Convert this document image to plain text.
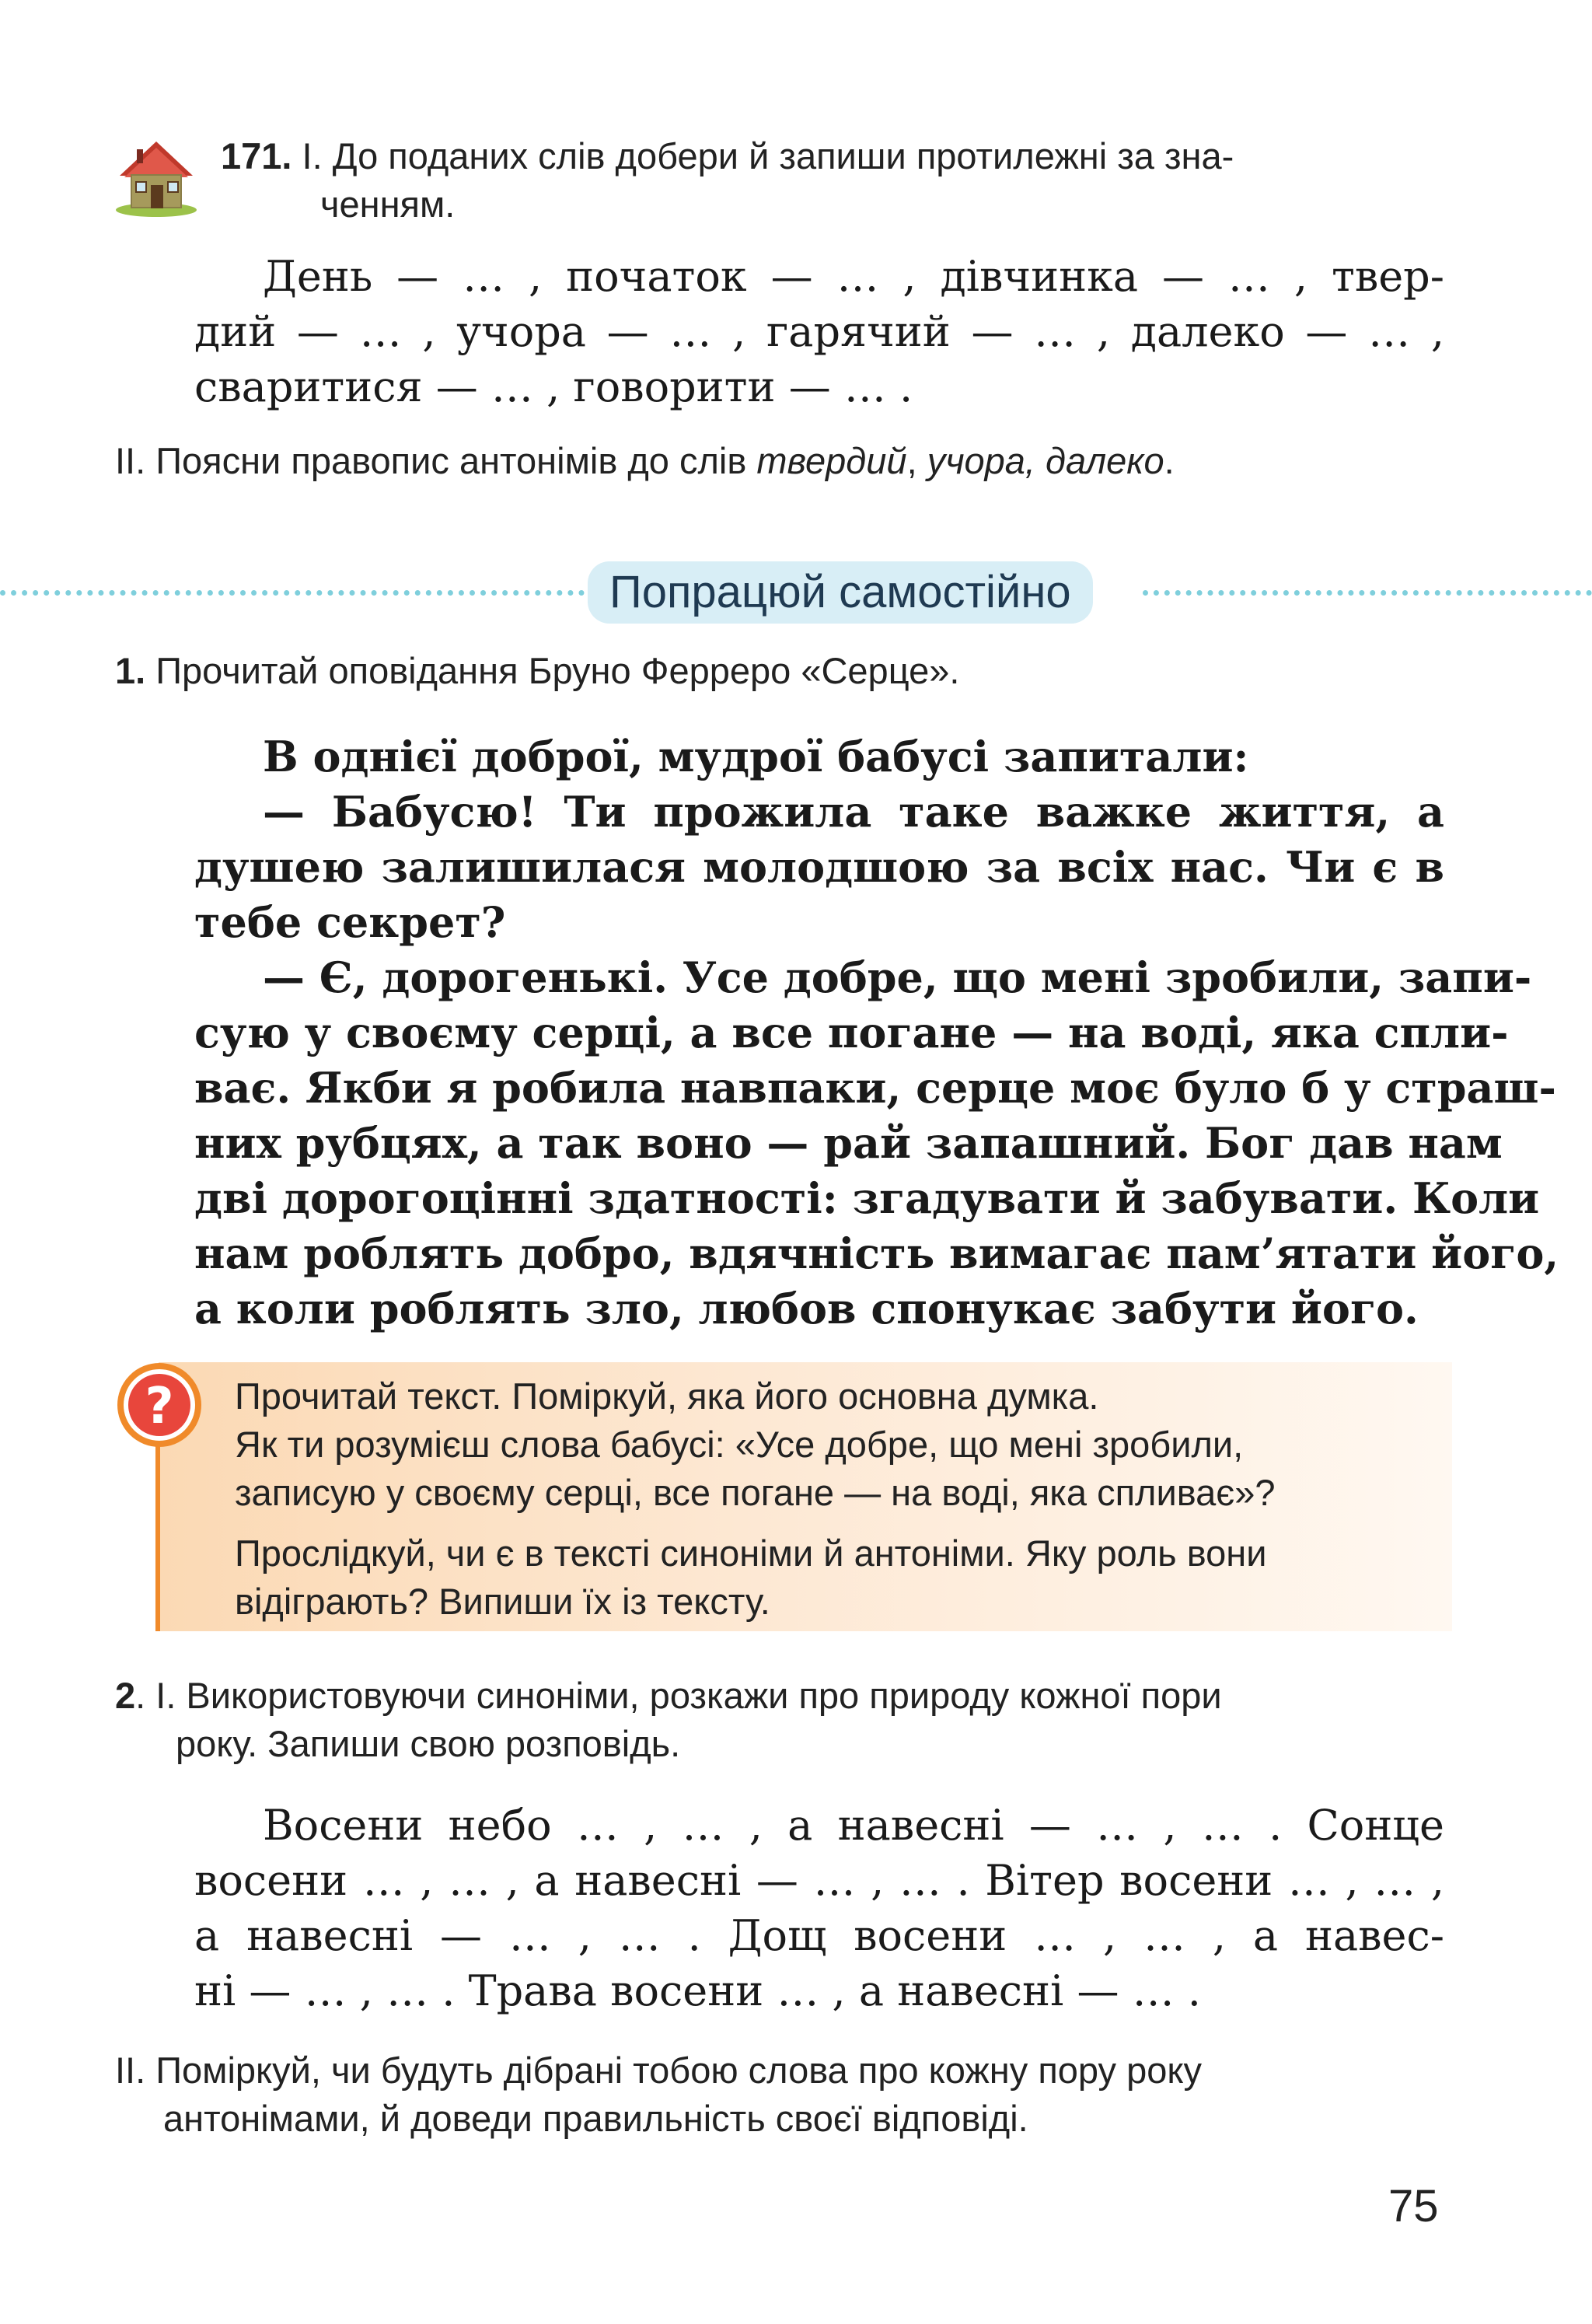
171. І. До поданих слів добери й запиши протилежні за зна-
ченням.
День — … , початок — … , дівчинка — … , твер-
дий — … , учора — … , гарячий — … , далеко — … ,
сваритися — … , говорити — … .
ІІ. Поясни правопис антонімів до слів твердий, учора, далеко.
Попрацюй самостійно
1. Прочитай оповідання Бруно Ферреро «Серце».
В однієї доброї, мудрої бабусі запитали:
— Бабусю! Ти прожила таке важке життя, а
душею залишилася молодшою за всіх нас. Чи є в
тебе секрет?
— Є, дорогенькі. Усе добре, що мені зробили, запи-
сую у своєму серці, а все погане — на воді, яка спли-
ває. Якби я робила навпаки, серце моє було б у страш-
них рубцях, а так воно — рай запашний. Бог дав нам
дві дорогоцінні здатності: згадувати й забувати. Коли
нам роблять добро, вдячність вимагає пам’ятати його,
а коли роблять зло, любов спонукає забути його.
? Прочитай текст. Поміркуй, яка його основна думка.
Як ти розумієш слова бабусі: «Усе добре, що мені зробили,
записую у своєму серці, все погане — на воді, яка спливає»?
Прослідкуй, чи є в тексті синоніми й антоніми. Яку роль вони
відіграють? Випиши їх із тексту.
2. І. Використовуючи синоніми, розкажи про природу кожної пори
року. Запиши свою розповідь.
Восени небо … , … , а навесні — … , … . Сонце
восени … , … , а навесні — … , … . Вітер восени … , … ,
а навесні — … , … . Дощ восени … , … , а навес-
ні — … , … . Трава восени … , а навесні — … .
ІІ. Поміркуй, чи будуть дібрані тобою слова про кожну пору року
антонімами, й доведи правильність своєї відповіді.
75
